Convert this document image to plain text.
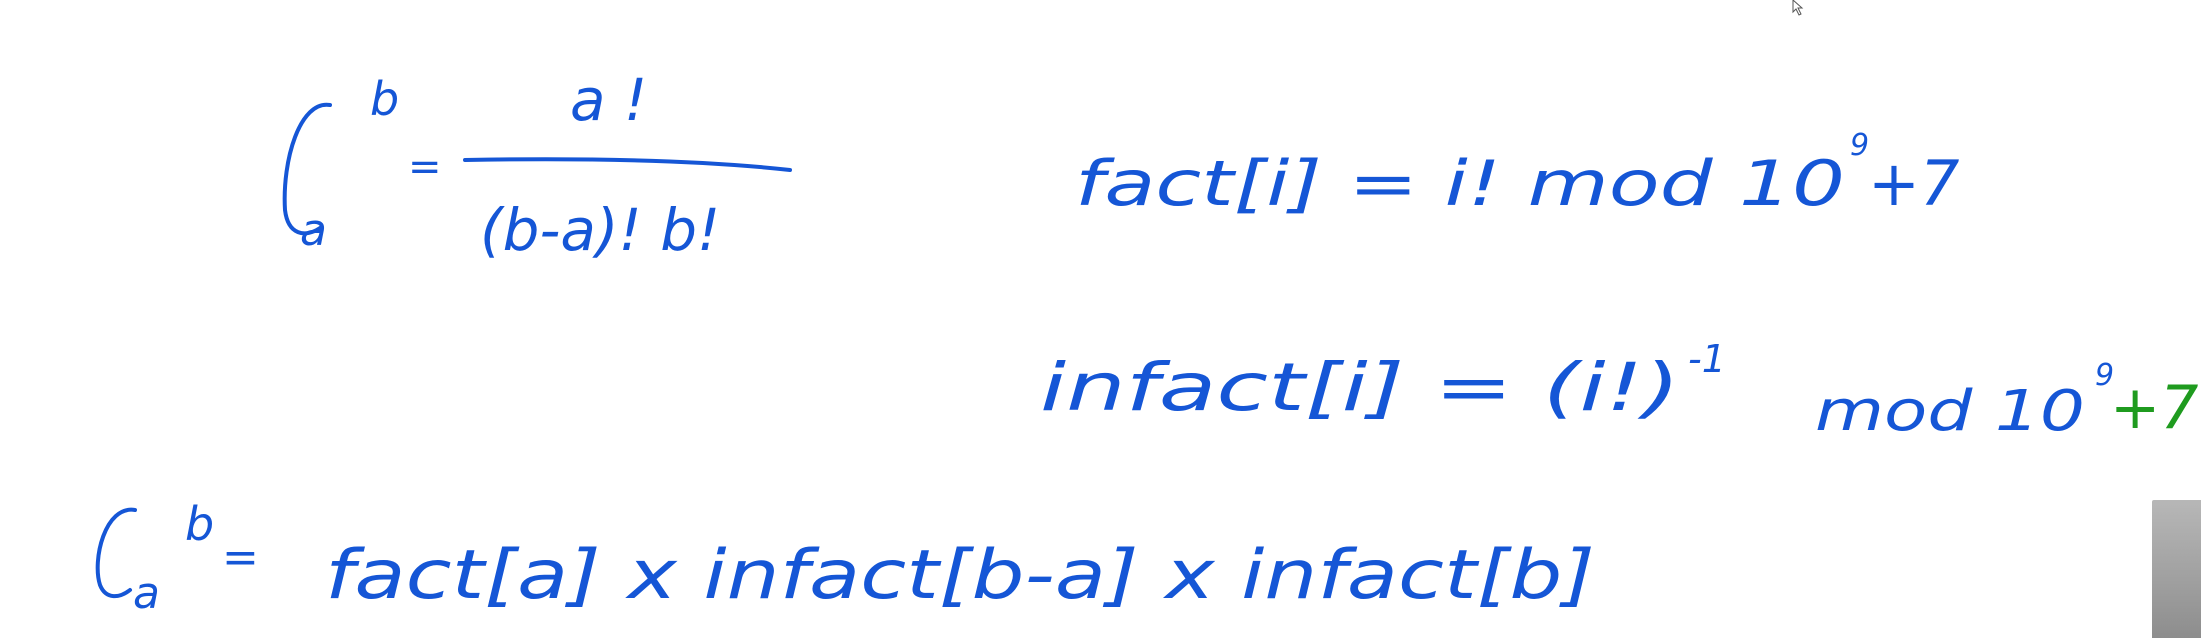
a
b
=
a !
(b-a)! b!
fact[i] = i! mod 10
9
+7
infact[i] = (i!) -1
mod 10
9
+7
a
b
= fact[a] x infact[b-a] x infact[b]
